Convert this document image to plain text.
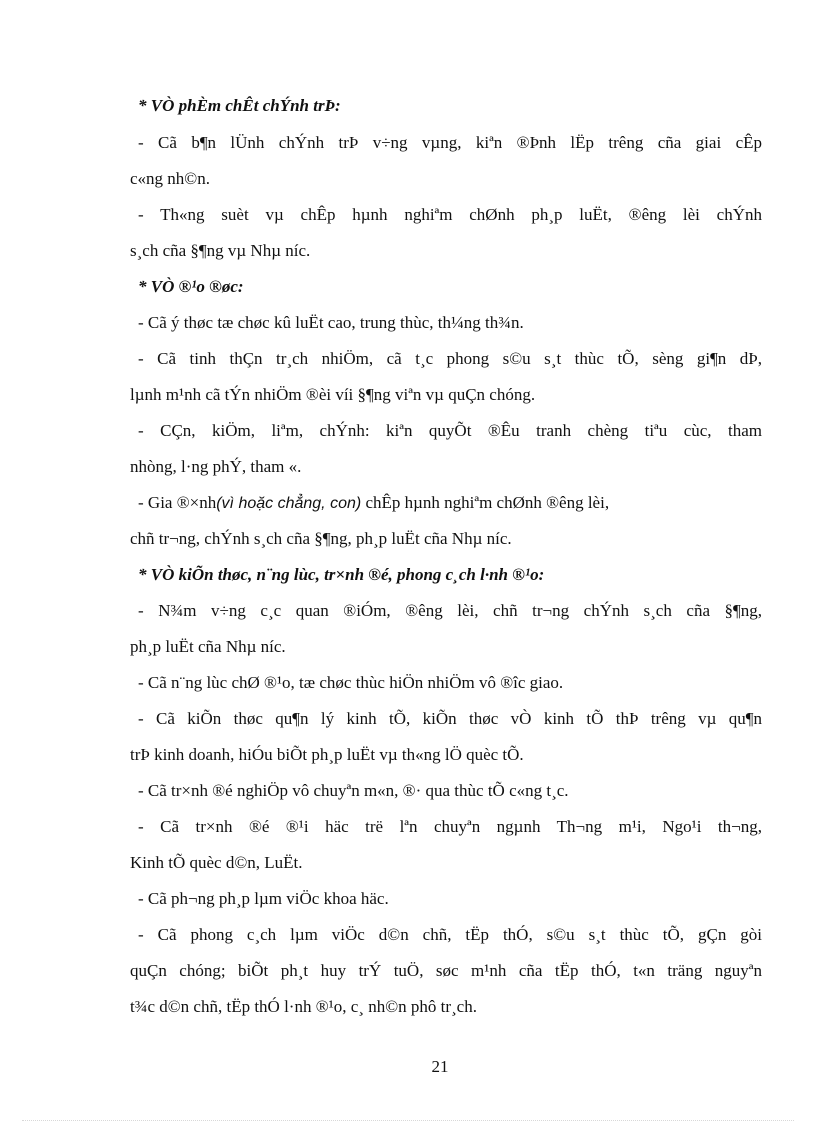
* VÒ phÈm chÊt chÝnh trÞ:
- Cã b¶n lÜnh chÝnh trÞ v÷ng vµng, kiªn ®Þnh lËp trêng cña giai cÊp
c«ng nh©n.
- Th«ng suèt vµ chÊp hµnh nghiªm chØnh ph¸p luËt, ®êng lèi chÝnh
s¸ch cña §¶ng vµ Nhµ níc.
* VÒ ®¹o ®øc:
- Cã ý thøc tæ chøc kû luËt cao, trung thùc, th¼ng th¾n.
- Cã tinh thÇn tr¸ch nhiÖm, cã t¸c phong s©u s¸t thùc tÕ, sèng gi¶n dÞ,
lµnh m¹nh cã tÝn nhiÖm ®èi víi §¶ng viªn vµ quÇn chóng.
- CÇn, kiÖm, liªm, chÝnh: kiªn quyÕt ®Êu tranh chèng tiªu cùc, tham
nhòng, l·ng phÝ, tham «.
- Gia ®×nh(vì hoặc chẳng, con) chÊp hµnh nghiªm chØnh ®êng lèi,
chñ tr¬ng, chÝnh s¸ch cña §¶ng, ph¸p luËt cña Nhµ níc.
* VÒ kiÕn thøc, n¨ng lùc, tr×nh ®é, phong c¸ch l·nh ®¹o:
- N¾m v÷ng c¸c quan ®iÓm, ®êng lèi, chñ tr¬ng chÝnh s¸ch cña §¶ng,
ph¸p luËt cña Nhµ níc.
- Cã n¨ng lùc chØ ®¹o, tæ chøc thùc hiÖn nhiÖm vô ®îc giao.
- Cã kiÕn thøc qu¶n lý kinh tÕ, kiÕn thøc vÒ kinh tÕ thÞ trêng vµ qu¶n
trÞ kinh doanh, hiÓu biÕt ph¸p luËt vµ th«ng lÖ quèc tÕ.
- Cã tr×nh ®é nghiÖp vô chuyªn m«n, ®· qua thùc tÕ c«ng t¸c.
- Cã tr×nh ®é ®¹i häc trë lªn chuyªn ngµnh Th¬ng m¹i, Ngo¹i th¬ng,
Kinh tÕ quèc d©n, LuËt.
- Cã ph¬ng ph¸p lµm viÖc khoa häc.
- Cã phong c¸ch lµm viÖc d©n chñ, tËp thÓ, s©u s¸t thùc tÕ, gÇn gòi
quÇn chóng; biÕt ph¸t huy trÝ tuÖ, søc m¹nh cña tËp thÓ, t«n träng nguyªn
t¾c d©n chñ, tËp thÓ l·nh ®¹o, c¸ nh©n phô tr¸ch.
21
